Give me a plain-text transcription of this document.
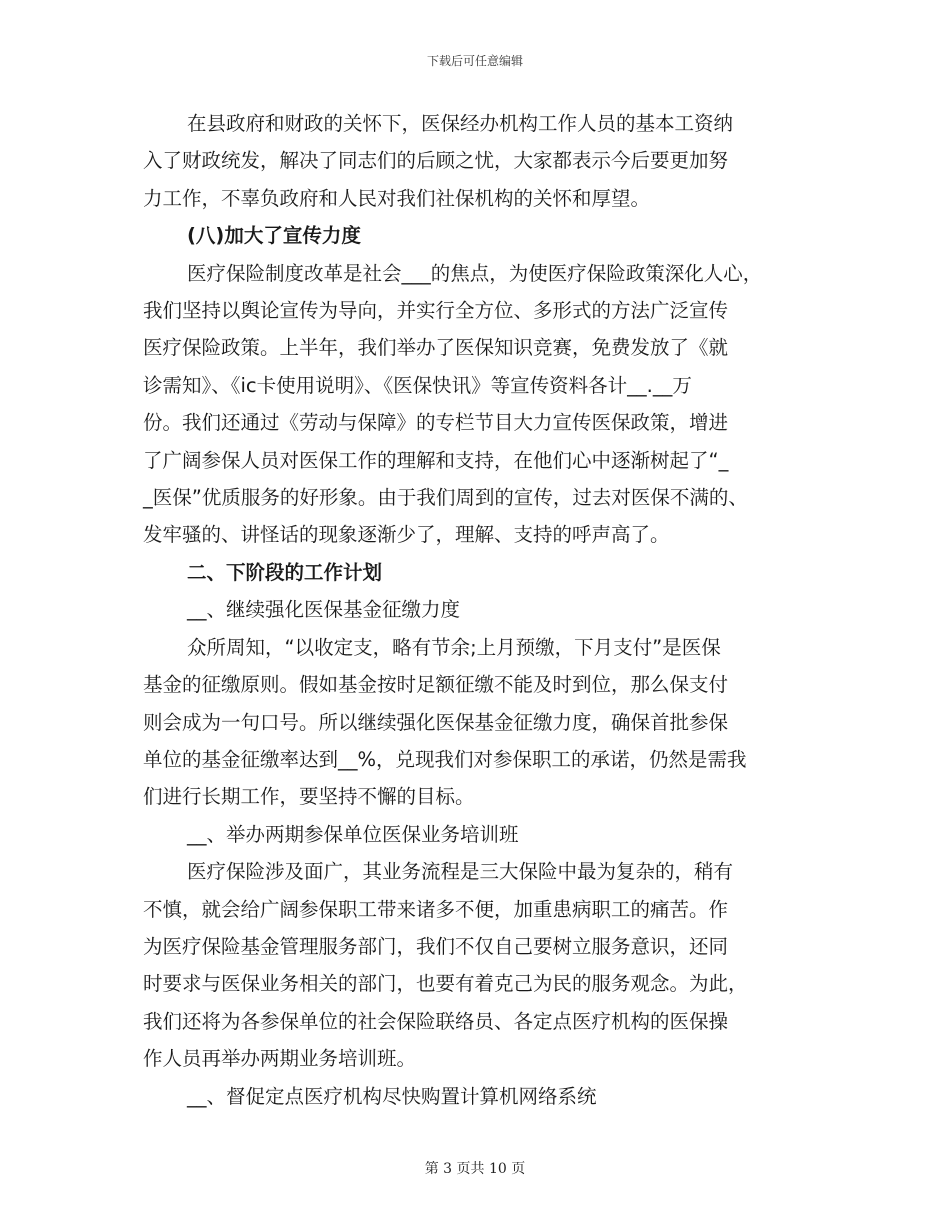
下载后可任意编辑

在县政府和财政的关怀下，医保经办机构工作人员的基本工资纳
入了财政统发，解决了同志们的后顾之忧，大家都表示今后要更加努
力工作，不辜负政府和人民对我们社保机构的关怀和厚望。

(八)加大了宣传力度

医疗保险制度改革是社会___的焦点，为使医疗保险政策深化人心，
我们坚持以舆论宣传为导向，并实行全方位、多形式的方法广泛宣传
医疗保险政策。上半年，我们举办了医保知识竞赛，免费发放了《就
诊需知》、《ic卡使用说明》、《医保快讯》等宣传资料各计__.__万
份。我们还通过《劳动与保障》的专栏节目大力宣传医保政策，增进
了广阔参保人员对医保工作的理解和支持，在他们心中逐渐树起了“_
_医保”优质服务的好形象。由于我们周到的宣传，过去对医保不满的、
发牢骚的、讲怪话的现象逐渐少了，理解、支持的呼声高了。

二、下阶段的工作计划

__、继续强化医保基金征缴力度

众所周知，“以收定支，略有节余;上月预缴，下月支付”是医保
基金的征缴原则。假如基金按时足额征缴不能及时到位，那么保支付
则会成为一句口号。所以继续强化医保基金征缴力度，确保首批参保
单位的基金征缴率达到__%，兑现我们对参保职工的承诺，仍然是需我
们进行长期工作，要坚持不懈的目标。

__、举办两期参保单位医保业务培训班

医疗保险涉及面广，其业务流程是三大保险中最为复杂的，稍有
不慎，就会给广阔参保职工带来诸多不便，加重患病职工的痛苦。作
为医疗保险基金管理服务部门，我们不仅自己要树立服务意识，还同
时要求与医保业务相关的部门，也要有着克己为民的服务观念。为此，
我们还将为各参保单位的社会保险联络员、各定点医疗机构的医保操
作人员再举办两期业务培训班。

__、督促定点医疗机构尽快购置计算机网络系统

第 3 页共 10 页
